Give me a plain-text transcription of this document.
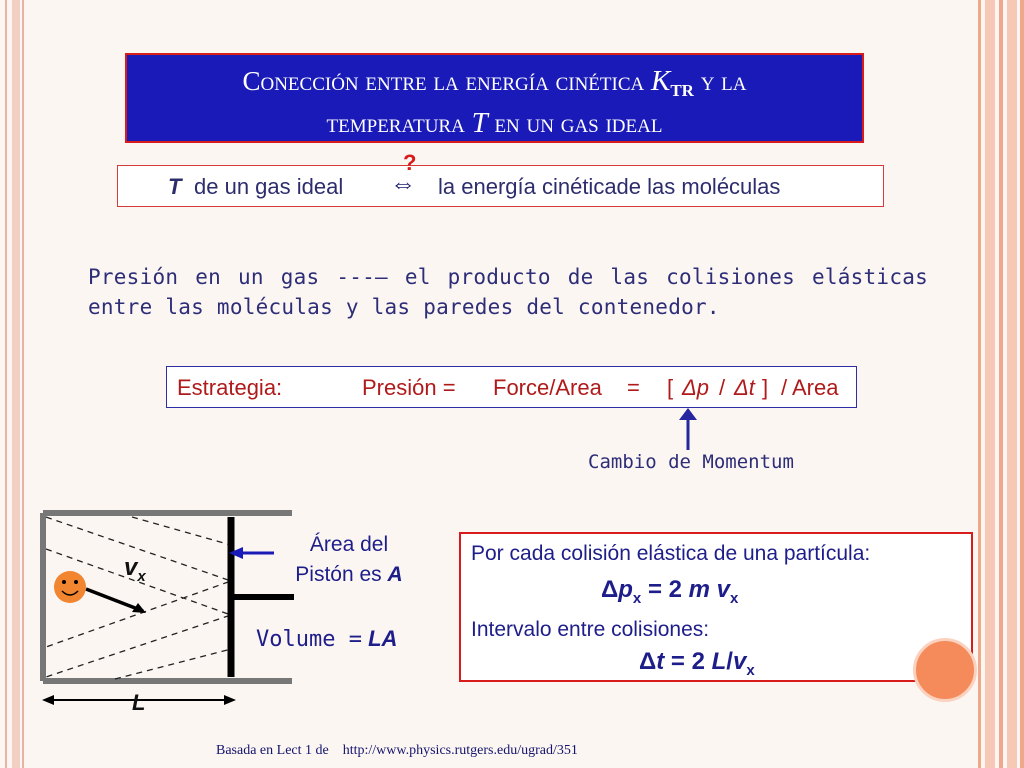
Conección entre la energía cinética $K_{TR}$ y la
temperatura T en un gas ideal
T de un gas ideal ⇔ la energía cinéticade las moléculas
?
Presión en un gas ---– el producto de las colisiones elásticas entre las moléculas y las paredes del contenedor.
Estrategia:	Presión = Force/Area = [ Δp / Δt ] / Area
Cambio de Momentum
$v_x$
L
Área del
Pistón es A
Volume = LA
Por cada colisión elástica de una partícula:
$\Delta p_x = 2$ m $v_x$
Intervalo entre colisiones:
Δt = 2 $L/v_x$
Basada en Lect 1 de http://www.physics.rutgers.edu/ugrad/351
